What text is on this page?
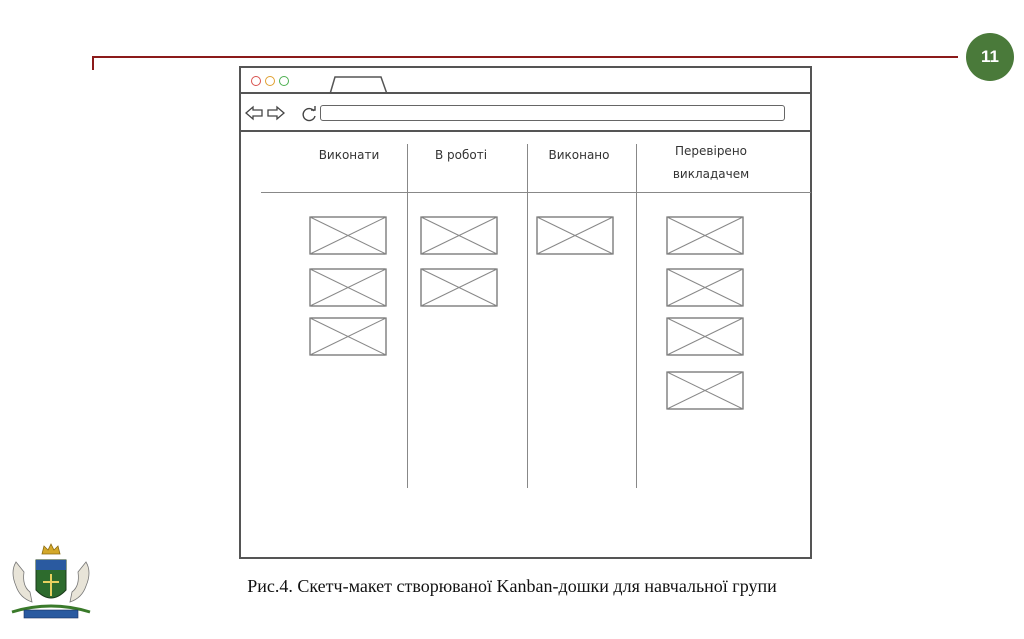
11
Виконати	В роботі	Виконано	Перевірено викладачем
Рис.4. Скетч-макет створюваної Kanban-дошки для навчальної групи
